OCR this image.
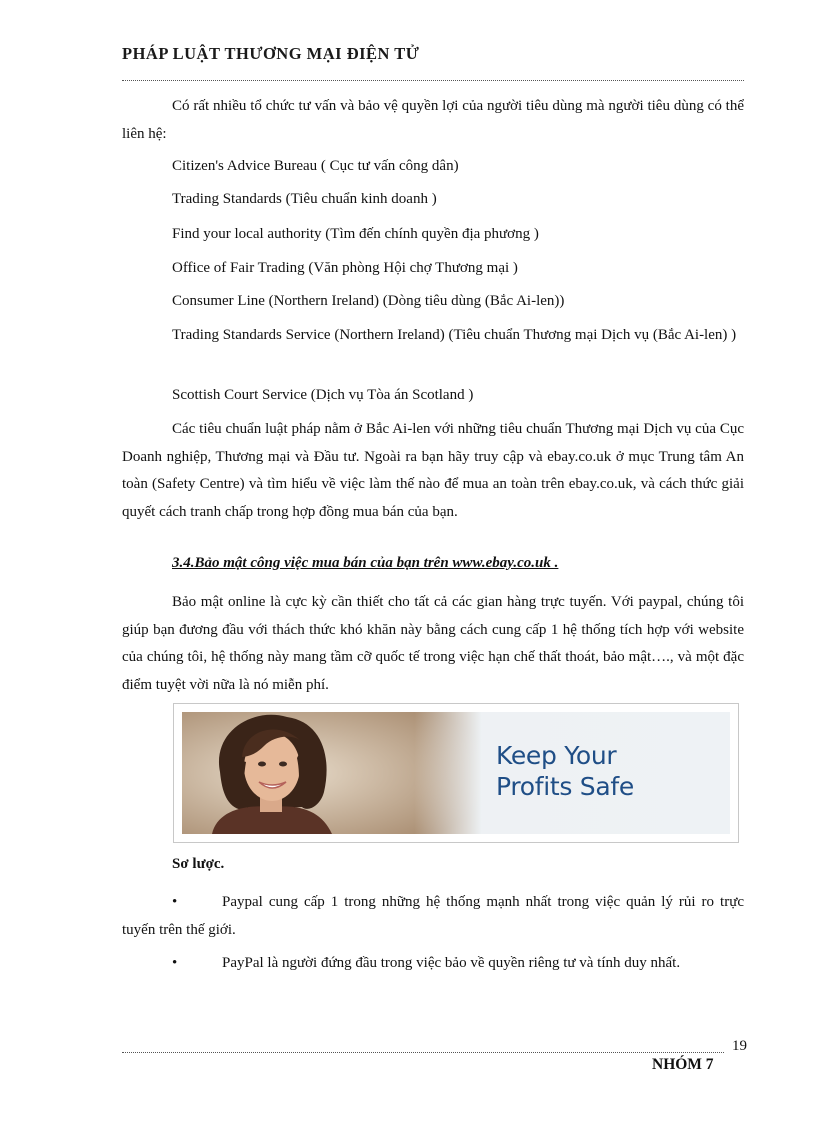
PHÁP LUẬT THƯƠNG MẠI ĐIỆN TỬ
Có rất nhiều tổ chức tư vấn và bảo vệ quyền lợi của người tiêu dùng mà người tiêu dùng có thể liên hệ:
Citizen's Advice Bureau ( Cục tư vấn công dân)
Trading Standards (Tiêu chuẩn kinh doanh )
Find your local authority (Tìm đến chính quyền địa phương )
Office of Fair Trading (Văn phòng Hội chợ Thương mại )
Consumer Line (Northern Ireland) (Dòng tiêu dùng (Bắc Ai-len))
Trading Standards Service (Northern Ireland) (Tiêu chuẩn Thương mại Dịch vụ (Bắc Ai-len) )
Scottish Court Service (Dịch vụ Tòa án Scotland )
Các tiêu chuẩn luật pháp nằm ở Bắc Ai-len với những tiêu chuẩn Thương mại Dịch vụ của Cục Doanh nghiệp, Thương mại và Đầu tư. Ngoài ra bạn hãy truy cập và ebay.co.uk ở mục Trung tâm An toàn (Safety Centre) và tìm hiểu về việc làm thế nào để mua an toàn trên ebay.co.uk, và cách thức giải quyết cách tranh chấp trong hợp đồng mua bán của bạn.
3.4.Bảo mật công việc mua bán của bạn trên www.ebay.co.uk .
Bảo mật online là cực kỳ cần thiết cho tất cả các gian hàng trực tuyến. Với paypal, chúng tôi giúp bạn đương đầu với thách thức khó khăn này bằng cách cung cấp 1 hệ thống tích hợp với website của chúng tôi, hệ thống này mang tầm cỡ quốc tế trong việc hạn chế thất thoát, bảo mật…., và một đặc điểm tuyệt vời nữa là nó miễn phí.
Keep Your
Profits Safe
Sơ lược.
•	Paypal cung cấp 1 trong những hệ thống mạnh nhất trong việc quản lý rủi ro trực tuyến trên thế giới.
•	PayPal là người đứng đầu trong việc bảo về quyền riêng tư và tính duy nhất.
19
NHÓM 7
